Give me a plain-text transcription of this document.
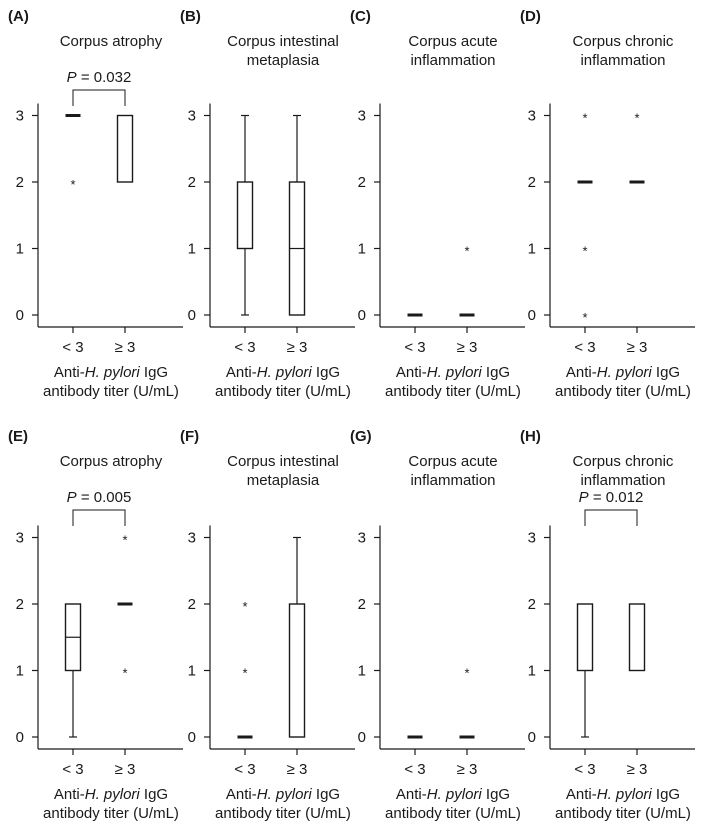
(A)
Corpus atrophy
0
1
2
3
< 3 ≥ 3
Anti-H. pylori IgG
antibody titer (U/mL)
*
P = 0.032
(B)
Corpus intestinal
metaplasia
0
1
2
3
< 3 ≥ 3
Anti-H. pylori IgG
antibody titer (U/mL)
(C)
Corpus acute
inflammation
0
1
2
3
< 3 ≥ 3
Anti-H. pylori IgG
antibody titer (U/mL)
*
(D)
Corpus chronic
inflammation
0
1
2
3
< 3 ≥ 3
Anti-H. pylori IgG
antibody titer (U/mL)
*
*
*
*
(E)
Corpus atrophy
0
1
2
3
< 3 ≥ 3
Anti-H. pylori IgG
antibody titer (U/mL)
*
*
P = 0.005
(F)
Corpus intestinal
metaplasia
0
1
2
3
< 3 ≥ 3
Anti-H. pylori IgG
antibody titer (U/mL)
*
*
(G)
Corpus acute
inflammation
0
1
2
3
< 3 ≥ 3
Anti-H. pylori IgG
antibody titer (U/mL)
*
(H)
Corpus chronic
inflammation
0
1
2
3
< 3 ≥ 3
Anti-H. pylori IgG
antibody titer (U/mL)
P = 0.012
